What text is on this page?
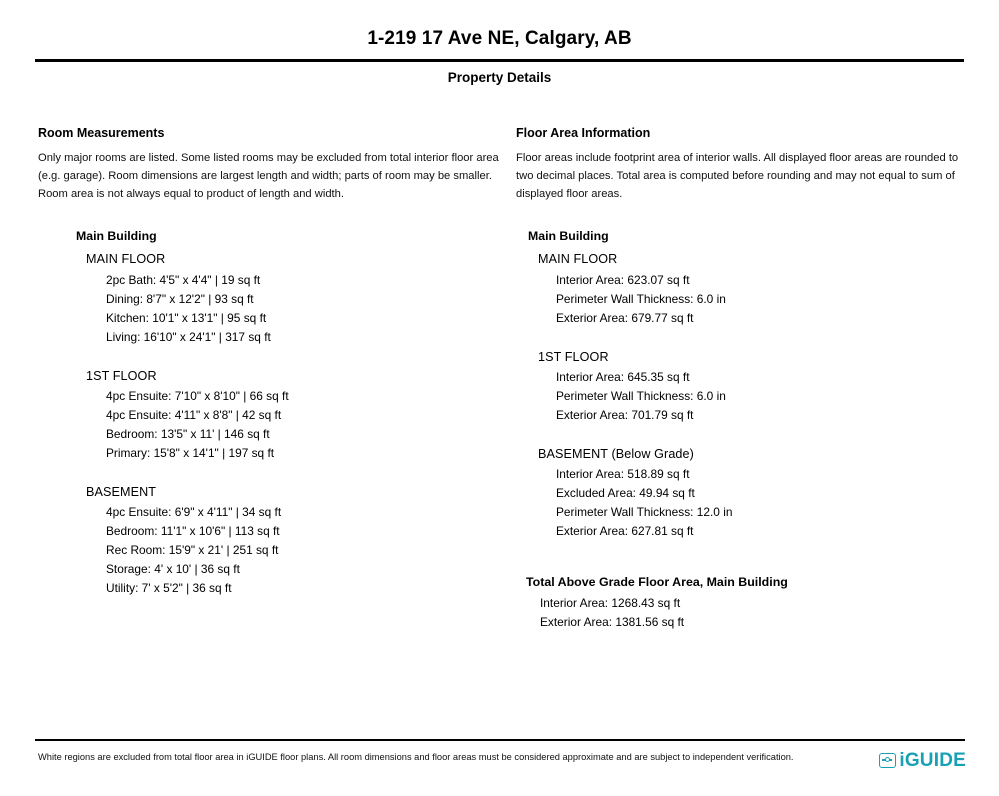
1-219 17 Ave NE, Calgary, AB
Property Details
Room Measurements

Only major rooms are listed. Some listed rooms may be excluded from total interior floor area (e.g. garage). Room dimensions are largest length and width; parts of room may be smaller. Room area is not always equal to product of length and width.

Main Building
MAIN FLOOR
2pc Bath: 4'5" x 4'4" | 19 sq ft
Dining: 8'7" x 12'2" | 93 sq ft
Kitchen: 10'1" x 13'1" | 95 sq ft
Living: 16'10" x 24'1" | 317 sq ft
1ST FLOOR
4pc Ensuite: 7'10" x 8'10" | 66 sq ft
4pc Ensuite: 4'11" x 8'8" | 42 sq ft
Bedroom: 13'5" x 11' | 146 sq ft
Primary: 15'8" x 14'1" | 197 sq ft
BASEMENT
4pc Ensuite: 6'9" x 4'11" | 34 sq ft
Bedroom: 11'1" x 10'6" | 113 sq ft
Rec Room: 15'9" x 21' | 251 sq ft
Storage: 4' x 10' | 36 sq ft
Utility: 7' x 5'2" | 36 sq ft
Floor Area Information

Floor areas include footprint area of interior walls. All displayed floor areas are rounded to two decimal places. Total area is computed before rounding and may not equal to sum of displayed floor areas.

Main Building
MAIN FLOOR
Interior Area: 623.07 sq ft
Perimeter Wall Thickness: 6.0 in
Exterior Area: 679.77 sq ft
1ST FLOOR
Interior Area: 645.35 sq ft
Perimeter Wall Thickness: 6.0 in
Exterior Area: 701.79 sq ft
BASEMENT (Below Grade)
Interior Area: 518.89 sq ft
Excluded Area: 49.94 sq ft
Perimeter Wall Thickness: 12.0 in
Exterior Area: 627.81 sq ft
Total Above Grade Floor Area, Main Building
Interior Area: 1268.43 sq ft
Exterior Area: 1381.56 sq ft
White regions are excluded from total floor area in iGUIDE floor plans. All room dimensions and floor areas must be considered approximate and are subject to independent verification.	iGUIDE
